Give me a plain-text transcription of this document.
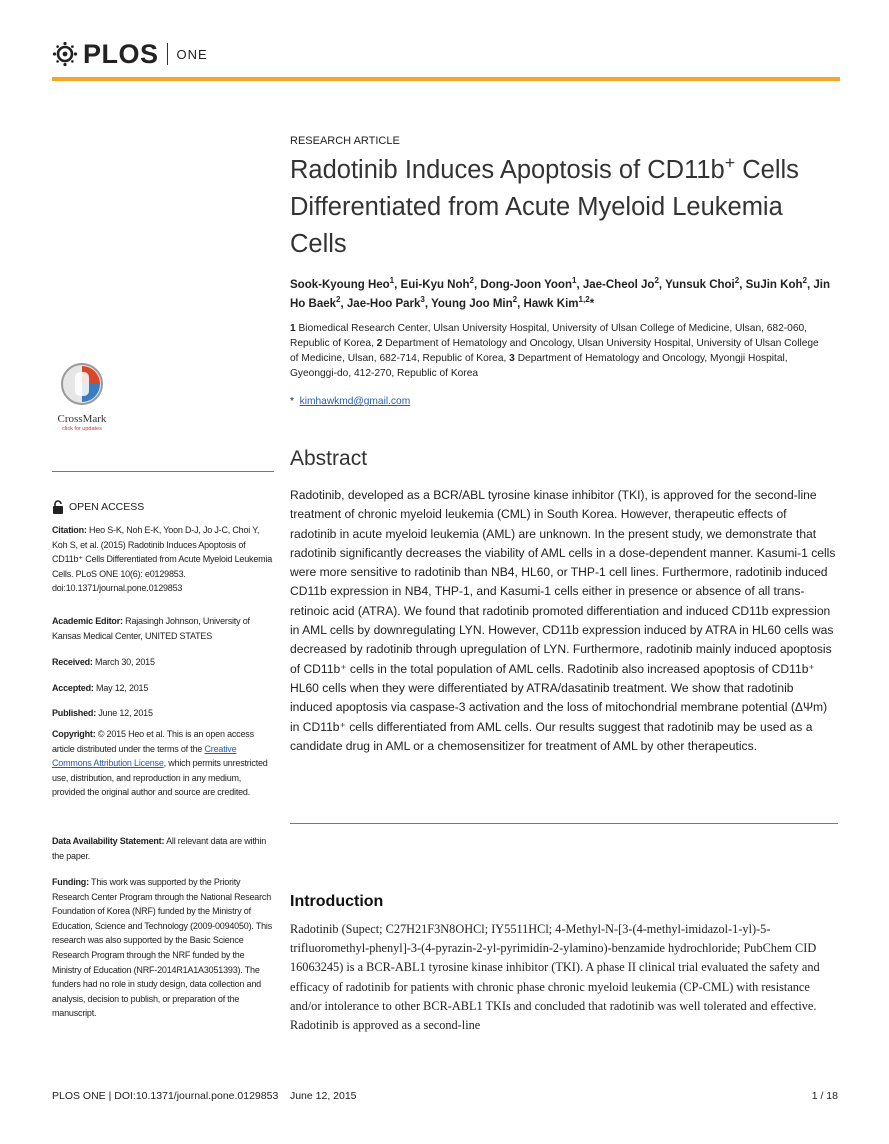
PLOS ONE
RESEARCH ARTICLE
Radotinib Induces Apoptosis of CD11b+ Cells Differentiated from Acute Myeloid Leukemia Cells
Sook-Kyoung Heo$^1$, Eui-Kyu Noh$^2$, Dong-Joon Yoon$^1$, Jae-Cheol Jo$^2$, Yunsuk Choi$^2$, SuJin Koh$^2$, Jin Ho Baek$^2$, Jae-Hoo Park$^3$, Young Joo Min$^2$, Hawk Kim$^{1,2}$*
1 Biomedical Research Center, Ulsan University Hospital, University of Ulsan College of Medicine, Ulsan, 682-060, Republic of Korea, 2 Department of Hematology and Oncology, Ulsan University Hospital, University of Ulsan College of Medicine, Ulsan, 682-714, Republic of Korea, 3 Department of Hematology and Oncology, Myongji Hospital, Gyeonggi-do, 412-270, Republic of Korea
* kimhawkmd@gmail.com
Abstract
Radotinib, developed as a BCR/ABL tyrosine kinase inhibitor (TKI), is approved for the second-line treatment of chronic myeloid leukemia (CML) in South Korea. However, therapeutic effects of radotinib in acute myeloid leukemia (AML) are unknown. In the present study, we demonstrate that radotinib significantly decreases the viability of AML cells in a dose-dependent manner. Kasumi-1 cells were more sensitive to radotinib than NB4, HL60, or THP-1 cell lines. Furthermore, radotinib induced CD11b expression in NB4, THP-1, and Kasumi-1 cells either in presence or absence of all trans-retinoic acid (ATRA). We found that radotinib promoted differentiation and induced CD11b expression in AML cells by downregulating LYN. However, CD11b expression induced by ATRA in HL60 cells was decreased by radotinib through upregulation of LYN. Furthermore, radotinib mainly induced apoptosis of CD11b⁺ cells in the total population of AML cells. Radotinib also increased apoptosis of CD11b⁺ HL60 cells when they were differentiated by ATRA/dasatinib treatment. We show that radotinib induced apoptosis via caspase-3 activation and the loss of mitochondrial membrane potential (ΔΨm) in CD11b⁺ cells differentiated from AML cells. Our results suggest that radotinib may be used as a candidate drug in AML or a chemosensitizer for treatment of AML by other therapeutics.
Introduction
Radotinib (Supect; C27H21F3N8OHCl; IY5511HCl; 4-Methyl-N-[3-(4-methyl-imidazol-1-yl)-5-trifluoromethyl-phenyl]-3-(4-pyrazin-2-yl-pyrimidin-2-ylamino)-benzamide hydrochloride; PubChem CID 16063245) is a BCR-ABL1 tyrosine kinase inhibitor (TKI). A phase II clinical trial evaluated the safety and efficacy of radotinib for patients with chronic phase chronic myeloid leukemia (CP-CML) with resistance and/or intolerance to other BCR-ABL1 TKIs and concluded that radotinib was well tolerated and effective. Radotinib is approved as a second-line
CrossMark
click for updates
OPEN ACCESS
Citation: Heo S-K, Noh E-K, Yoon D-J, Jo J-C, Choi Y, Koh S, et al. (2015) Radotinib Induces Apoptosis of CD11b⁺ Cells Differentiated from Acute Myeloid Leukemia Cells. PLoS ONE 10(6): e0129853. doi:10.1371/journal.pone.0129853
Academic Editor: Rajasingh Johnson, University of Kansas Medical Center, UNITED STATES
Received: March 30, 2015
Accepted: May 12, 2015
Published: June 12, 2015
Copyright: © 2015 Heo et al. This is an open access article distributed under the terms of the Creative Commons Attribution License, which permits unrestricted use, distribution, and reproduction in any medium, provided the original author and source are credited.
Data Availability Statement: All relevant data are within the paper.
Funding: This work was supported by the Priority Research Center Program through the National Research Foundation of Korea (NRF) funded by the Ministry of Education, Science and Technology (2009-0094050). This research was also supported by the Basic Science Research Program through the NRF funded by the Ministry of Education (NRF-2014R1A1A3051393). The funders had no role in study design, data collection and analysis, decision to publish, or preparation of the manuscript.
PLOS ONE | DOI:10.1371/journal.pone.0129853    June 12, 2015	1 / 18
